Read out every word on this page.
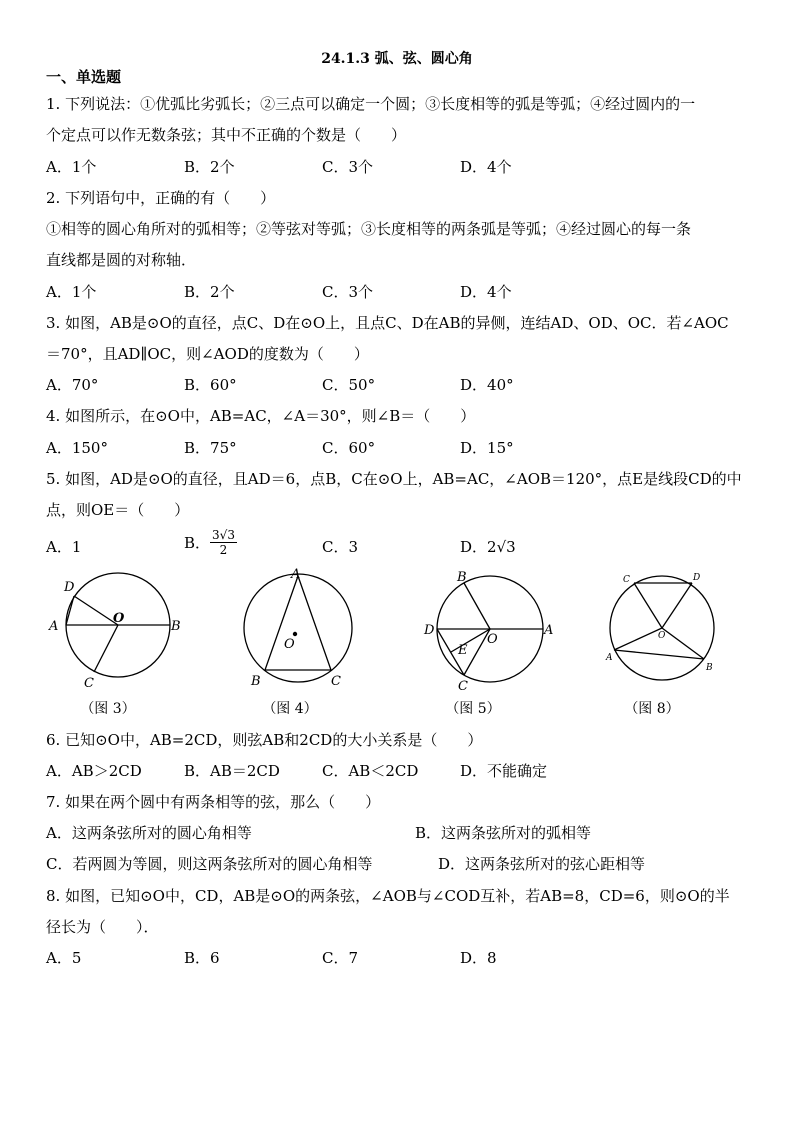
24.1.3 弧、弦、圆心角
一、单选题
1. 下列说法：①优弧比劣弧长；②三点可以确定一个圆；③长度相等的弧是等弧；④经过圆内的一
个定点可以作无数条弦；其中不正确的个数是（　　）
A．1个	B．2个	C．3个	D．4个
2. 下列语句中，正确的有（　　）
①相等的圆心角所对的弧相等；②等弦对等弧；③长度相等的两条弧是等弧；④经过圆心的每一条
直线都是圆的对称轴．
A．1个	B．2个	C．3个	D．4个
3. 如图，AB是⊙O的直径，点C、D在⊙O上，且点C、D在AB的异侧，连结AD、OD、OC．若∠AOC
＝70°，且AD∥OC，则∠AOD的度数为（　　）
A．70°	B．60°	C．50°	D．40°
4. 如图所示，在⊙O中，AB=AC，∠A＝30°，则∠B＝（　　）
A．150°	B．75°	C．60°	D．15°
5. 如图，AD是⊙O的直径，且AD＝6，点B，C在⊙O上，AB=AC，∠AOB＝120°，点E是线段CD的中
点，则OE＝（　　）
A．1	B． $\frac{3√3}{2}$	C．3	D．2√3
D
A
O
B
C
（图 3）
A
O
B	C
（图 4）
B
D
O
A
E
C
（图 5）
C	D
O
A
B
（图 8）
6. 已知⊙O中，AB=2CD，则弦AB和2CD的大小关系是（　　）
A．AB＞2CD	B．AB＝2CD	C．AB＜2CD	D．不能确定
7. 如果在两个圆中有两条相等的弦，那么（　　）
A．这两条弦所对的圆心角相等	B．这两条弦所对的弧相等
C．若两圆为等圆，则这两条弦所对的圆心角相等	D．这两条弦所对的弦心距相等
8. 如图，已知⊙O中，CD，AB是⊙O的两条弦，∠AOB与∠COD互补，若AB=8，CD=6，则⊙O的半
径长为（　　）．
A．5	B．6	C．7	D．8
